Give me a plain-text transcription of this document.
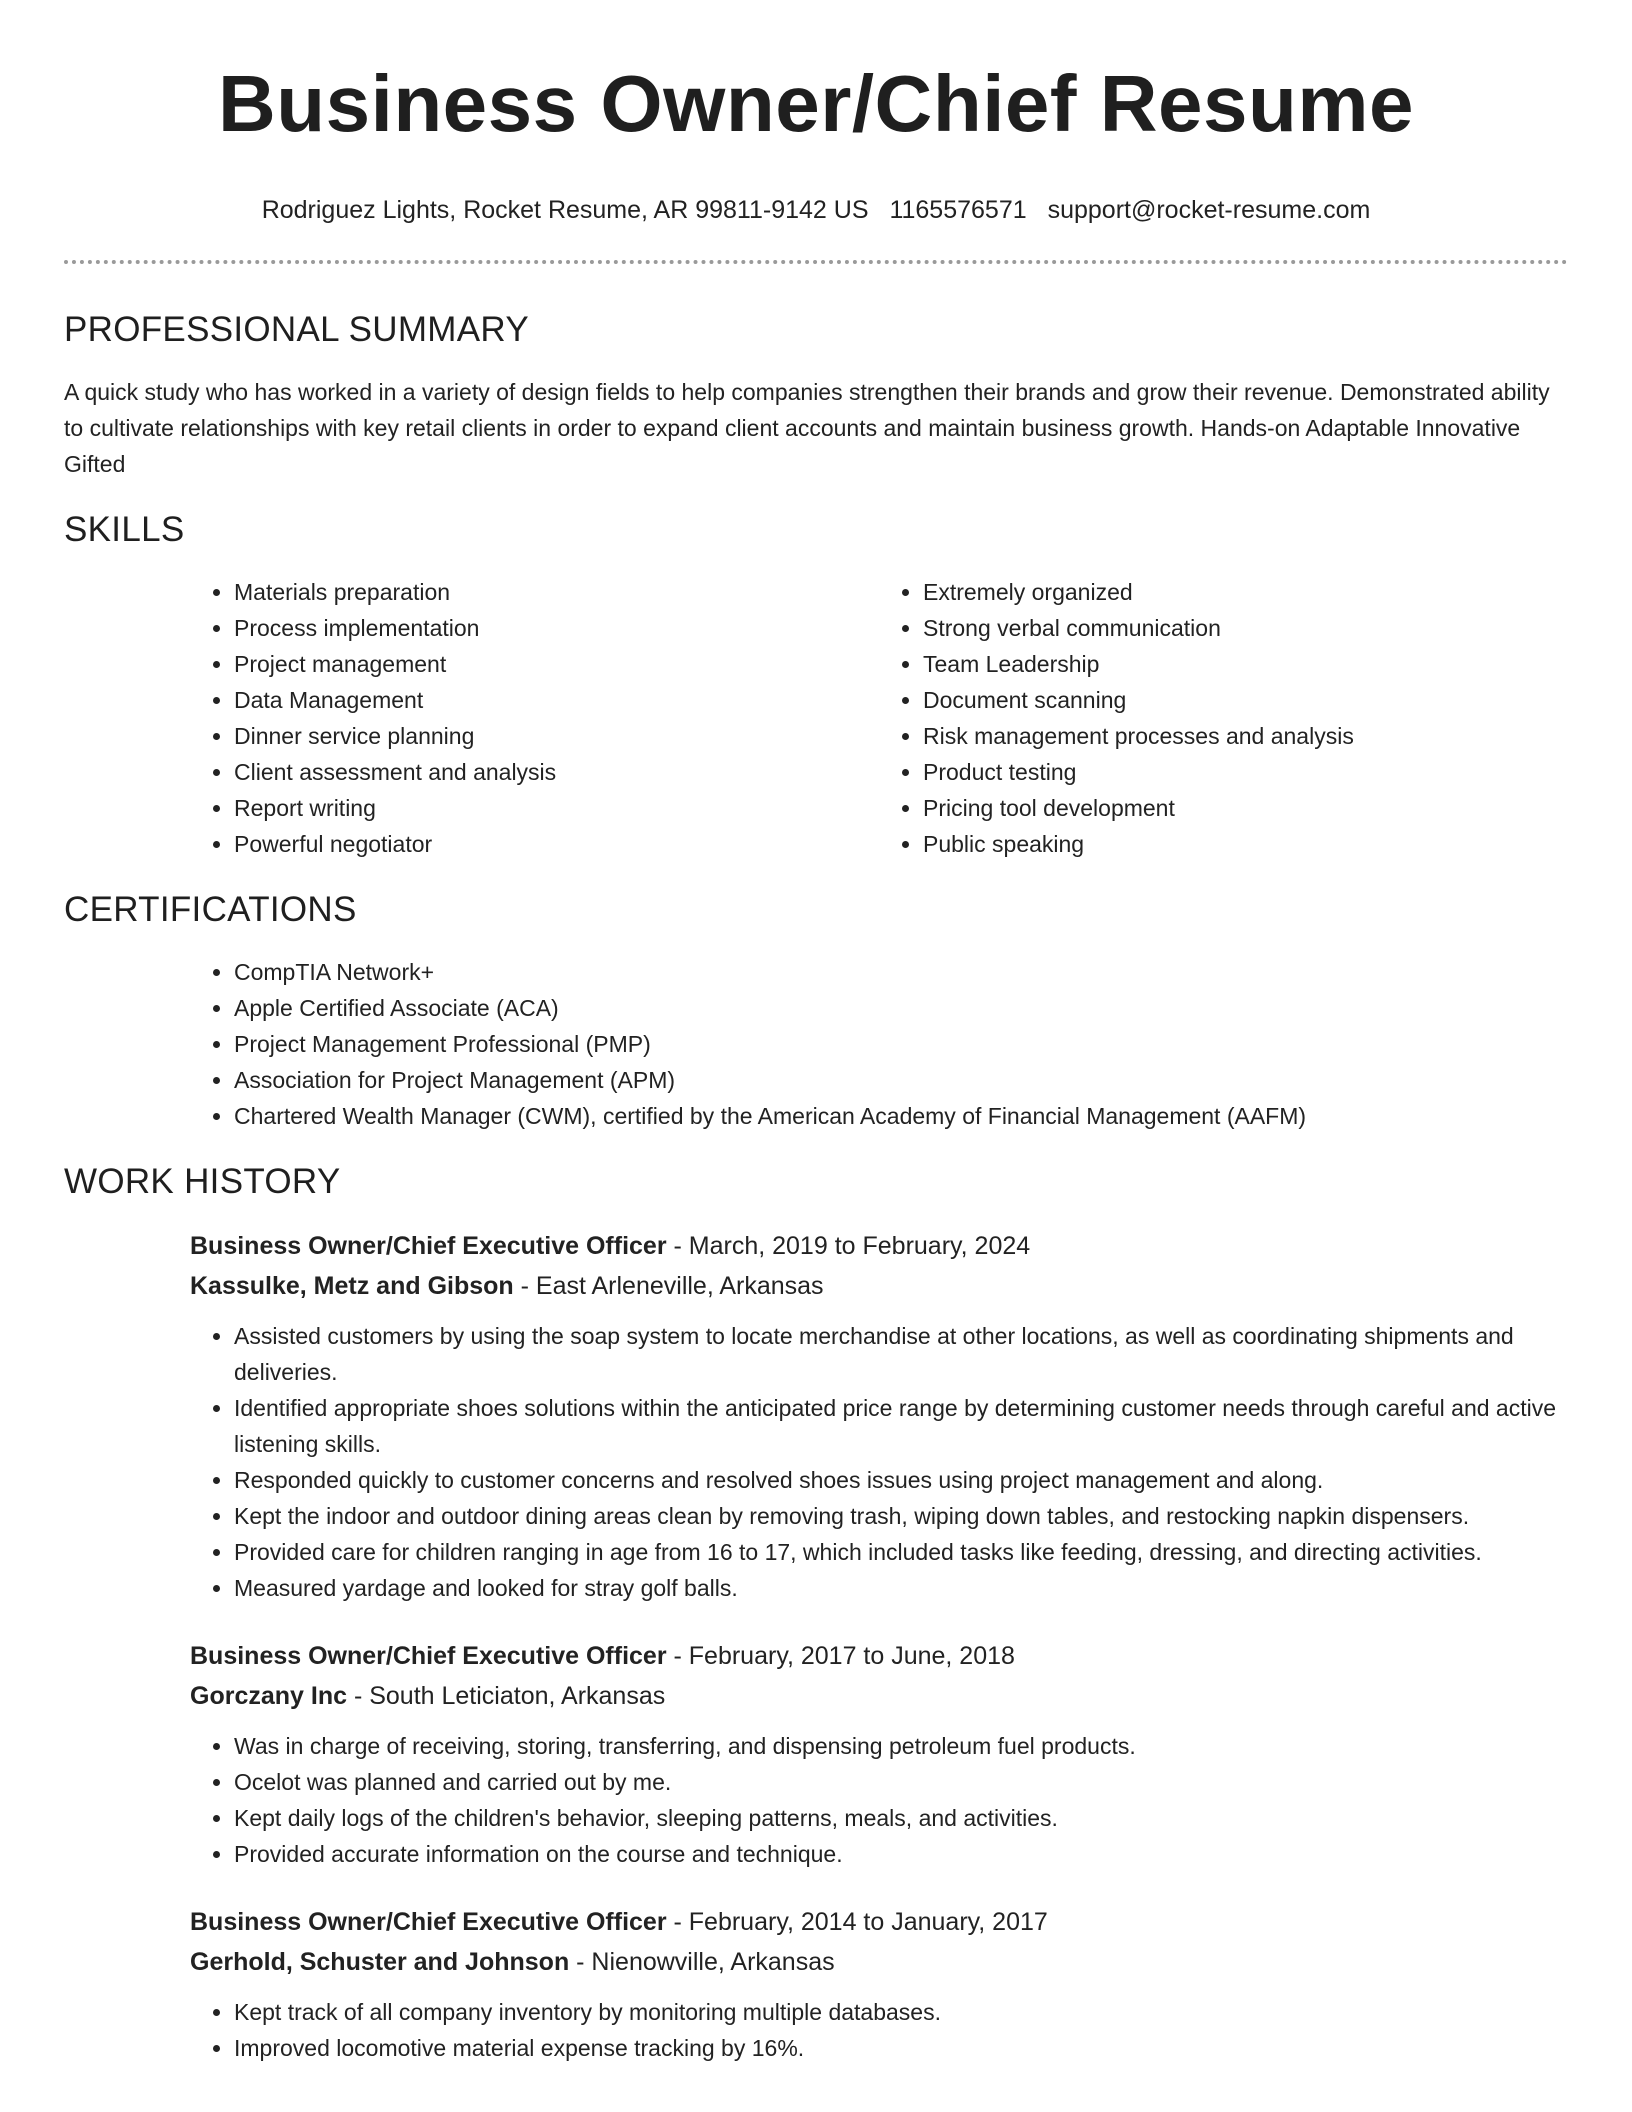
Business Owner/Chief Resume
Rodriguez Lights, Rocket Resume, AR 99811-9142 US 1165576571 support@rocket-resume.com
PROFESSIONAL SUMMARY

A quick study who has worked in a variety of design fields to help companies strengthen their brands and grow their revenue. Demonstrated ability to cultivate relationships with key retail clients in order to expand client accounts and maintain business growth. Hands-on Adaptable Innovative Gifted

SKILLS
• Materials preparation
• Process implementation
• Project management
• Data Management
• Dinner service planning
• Client assessment and analysis
• Report writing
• Powerful negotiator
• Extremely organized
• Strong verbal communication
• Team Leadership
• Document scanning
• Risk management processes and analysis
• Product testing
• Pricing tool development
• Public speaking
CERTIFICATIONS
• CompTIA Network+
• Apple Certified Associate (ACA)
• Project Management Professional (PMP)
• Association for Project Management (APM)
• Chartered Wealth Manager (CWM), certified by the American Academy of Financial Management (AAFM)
WORK HISTORY
Business Owner/Chief Executive Officer - March, 2019 to February, 2024
Kassulke, Metz and Gibson - East Arleneville, Arkansas
• Assisted customers by using the soap system to locate merchandise at other locations, as well as coordinating shipments and deliveries.
• Identified appropriate shoes solutions within the anticipated price range by determining customer needs through careful and active listening skills.
• Responded quickly to customer concerns and resolved shoes issues using project management and along.
• Kept the indoor and outdoor dining areas clean by removing trash, wiping down tables, and restocking napkin dispensers.
• Provided care for children ranging in age from 16 to 17, which included tasks like feeding, dressing, and directing activities.
• Measured yardage and looked for stray golf balls.
Business Owner/Chief Executive Officer - February, 2017 to June, 2018
Gorczany Inc - South Leticiaton, Arkansas
• Was in charge of receiving, storing, transferring, and dispensing petroleum fuel products.
• Ocelot was planned and carried out by me.
• Kept daily logs of the children's behavior, sleeping patterns, meals, and activities.
• Provided accurate information on the course and technique.
Business Owner/Chief Executive Officer - February, 2014 to January, 2017
Gerhold, Schuster and Johnson - Nienowville, Arkansas
• Kept track of all company inventory by monitoring multiple databases.
• Improved locomotive material expense tracking by 16%.
